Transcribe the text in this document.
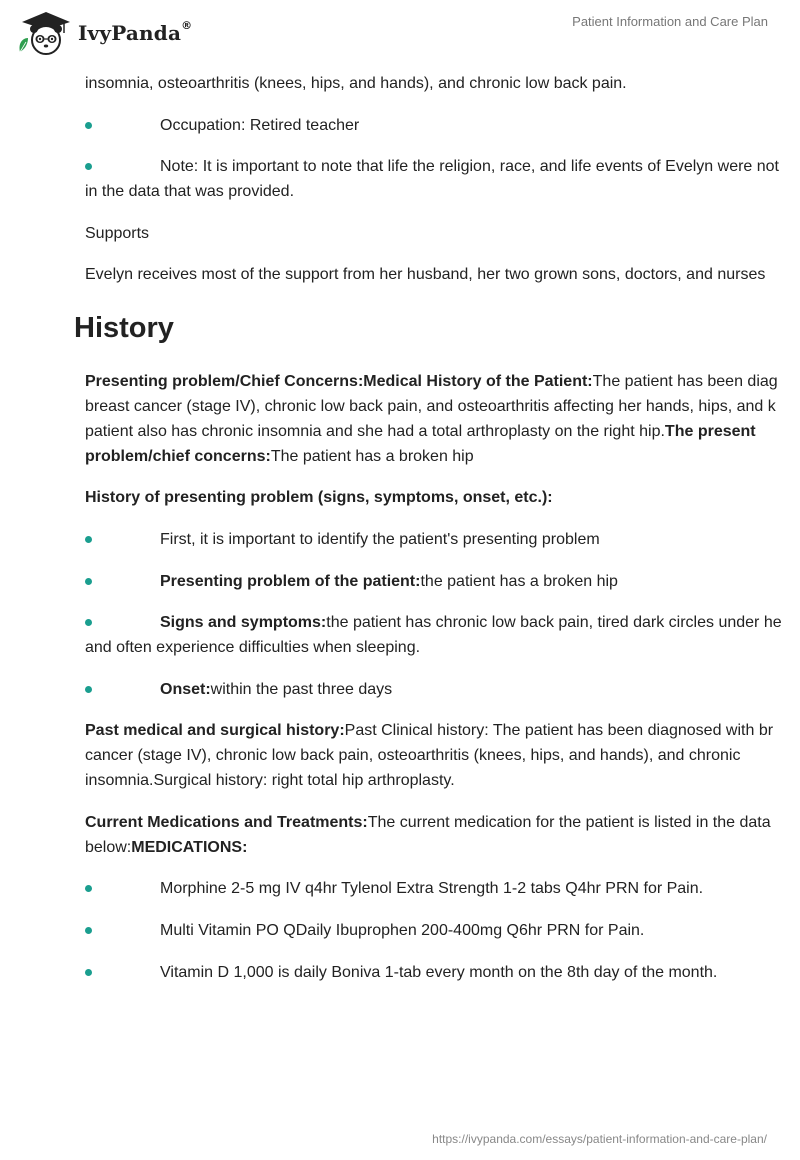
IvyPanda®	Patient Information and Care Plan

insomnia, osteoarthritis (knees, hips, and hands), and chronic low back pain.

Occupation: Retired teacher
Note: It is important to note that life the religion, race, and life events of Evelyn were not
in the data that was provided.

Supports

Evelyn receives most of the support from her husband, her two grown sons, doctors, and nurses

History

Presenting problem/Chief Concerns:Medical History of the Patient:The patient has been diag

breast cancer (stage IV), chronic low back pain, and osteoarthritis affecting her hands, hips, and k

patient also has chronic insomnia and she had a total arthroplasty on the right hip.The present

problem/chief concerns:The patient has a broken hip

History of presenting problem (signs, symptoms, onset, etc.):

First, it is important to identify the patient's presenting problem
Presenting problem of the patient:the patient has a broken hip
Signs and symptoms:the patient has chronic low back pain, tired dark circles under he
and often experience difficulties when sleeping.
Onset:within the past three days

Past medical and surgical history:Past Clinical history: The patient has been diagnosed with br

cancer (stage IV), chronic low back pain, osteoarthritis (knees, hips, and hands), and chronic

insomnia.Surgical history: right total hip arthroplasty.

Current Medications and Treatments:The current medication for the patient is listed in the data

below:MEDICATIONS:

Morphine 2-5 mg IV q4hr Tylenol Extra Strength 1-2 tabs Q4hr PRN for Pain.
Multi Vitamin PO QDaily Ibuprophen 200-400mg Q6hr PRN for Pain.
Vitamin D 1,000 is daily Boniva 1-tab every month on the 8th day of the month.
https://ivypanda.com/essays/patient-information-and-care-plan/
